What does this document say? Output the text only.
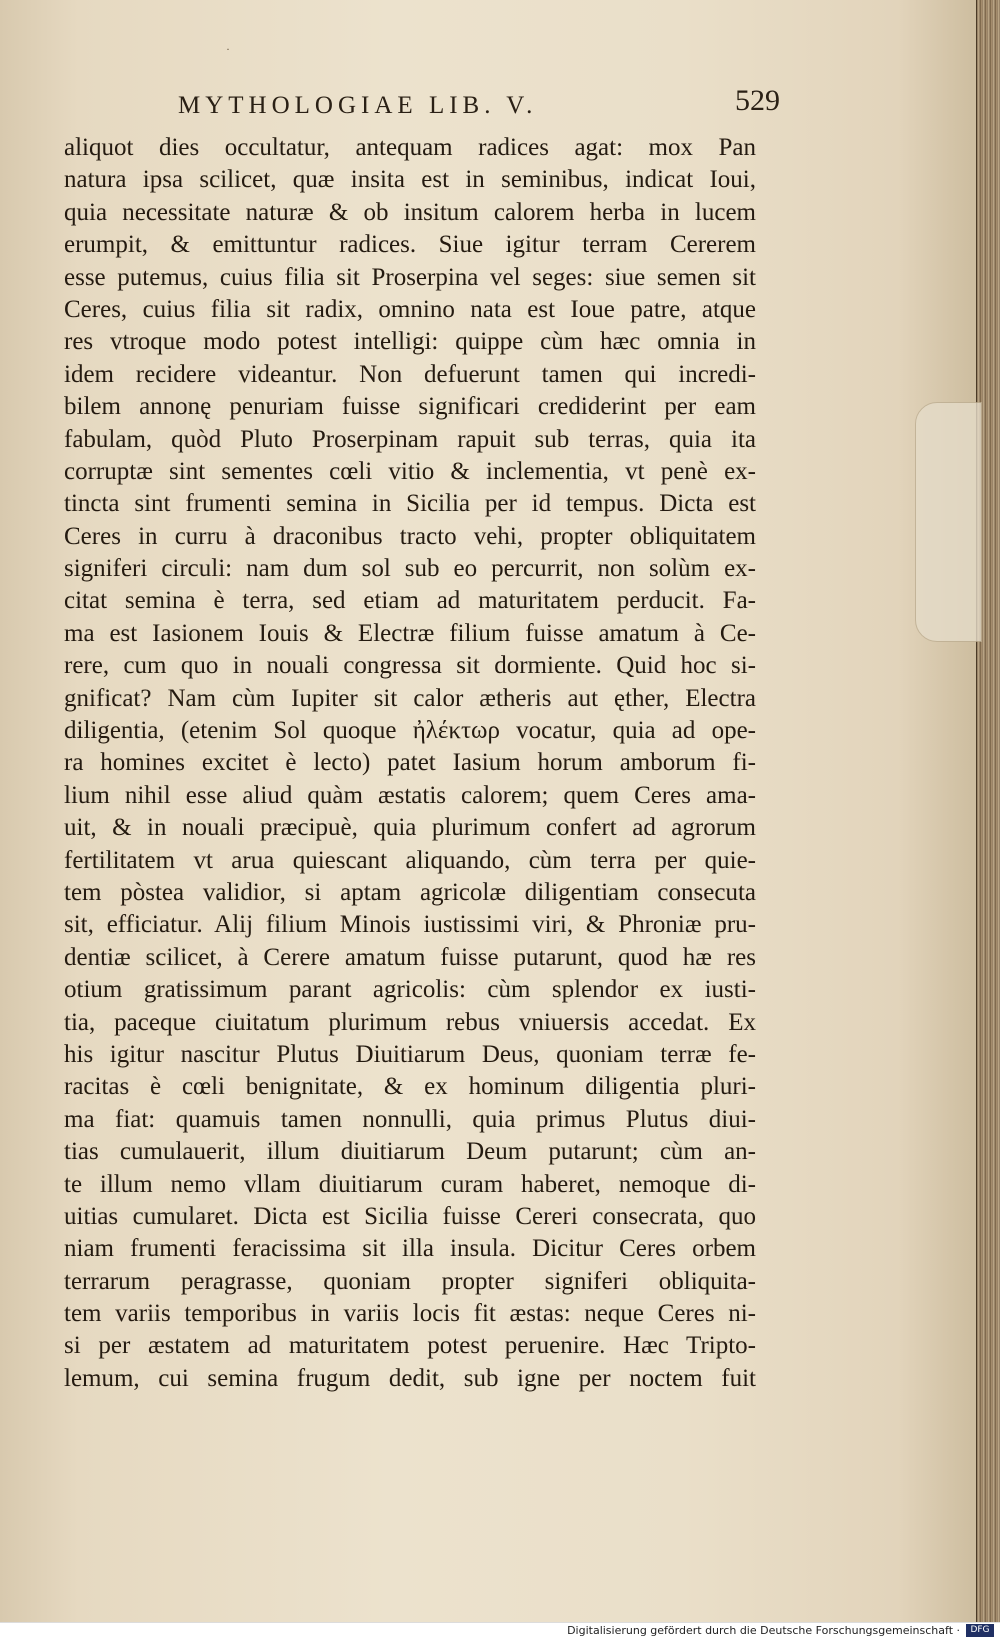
·
MYTHOLOGIAE LIB. V.	529
aliquot dies occultatur, antequam radices agat: mox Pan
natura ipsa scilicet, quæ insita est in seminibus, indicat Ioui,
quia necessitate naturæ & ob insitum calorem herba in lucem
erumpit, & emittuntur radices. Siue igitur terram Cererem
esse putemus, cuius filia sit Proserpina vel seges: siue semen sit
Ceres, cuius filia sit radix, omnino nata est Ioue patre, atque
res vtroque modo potest intelligi: quippe cùm hæc omnia in
idem recidere videantur. Non defuerunt tamen qui incredi-
bilem annonę penuriam fuisse significari crediderint per eam
fabulam, quòd Pluto Proserpinam rapuit sub terras, quia ita
corruptæ sint sementes cœli vitio & inclementia, vt penè ex-
tincta sint frumenti semina in Sicilia per id tempus. Dicta est
Ceres in curru à draconibus tracto vehi, propter obliquitatem
signiferi circuli: nam dum sol sub eo percurrit, non solùm ex-
citat semina è terra, sed etiam ad maturitatem perducit. Fa-
ma est Iasionem Iouis & Electræ filium fuisse amatum à Ce-
rere, cum quo in nouali congressa sit dormiente. Quid hoc si-
gnificat? Nam cùm Iupiter sit calor ætheris aut ęther, Electra
diligentia, (etenim Sol quoque ἠλέκτωρ vocatur, quia ad ope-
ra homines excitet è lecto) patet Iasium horum amborum fi-
lium nihil esse aliud quàm æstatis calorem; quem Ceres ama-
uit, & in nouali præcipuè, quia plurimum confert ad agrorum
fertilitatem vt arua quiescant aliquando, cùm terra per quie-
tem pòstea validior, si aptam agricolæ diligentiam consecuta
sit, efficiatur. Alij filium Minois iustissimi viri, & Phroniæ pru-
dentiæ scilicet, à Cerere amatum fuisse putarunt, quod hæ res
otium gratissimum parant agricolis: cùm splendor ex iusti-
tia, paceque ciuitatum plurimum rebus vniuersis accedat. Ex
his igitur nascitur Plutus Diuitiarum Deus, quoniam terræ fe-
racitas è cœli benignitate, & ex hominum diligentia pluri-
ma fiat: quamuis tamen nonnulli, quia primus Plutus diui-
tias cumulauerit, illum diuitiarum Deum putarunt; cùm an-
te illum nemo vllam diuitiarum curam haberet, nemoque di-
uitias cumularet. Dicta est Sicilia fuisse Cereri consecrata, quo
niam frumenti feracissima sit illa insula. Dicitur Ceres orbem
terrarum peragrasse, quoniam propter signiferi obliquita-
tem variis temporibus in variis locis fit æstas: neque Ceres ni-
si per æstatem ad maturitatem potest peruenire. Hæc Tripto-
lemum, cui semina frugum dedit, sub igne per noctem fuit
Digitalisierung gefördert durch die Deutsche Forschungsgemeinschaft ·	DFG
